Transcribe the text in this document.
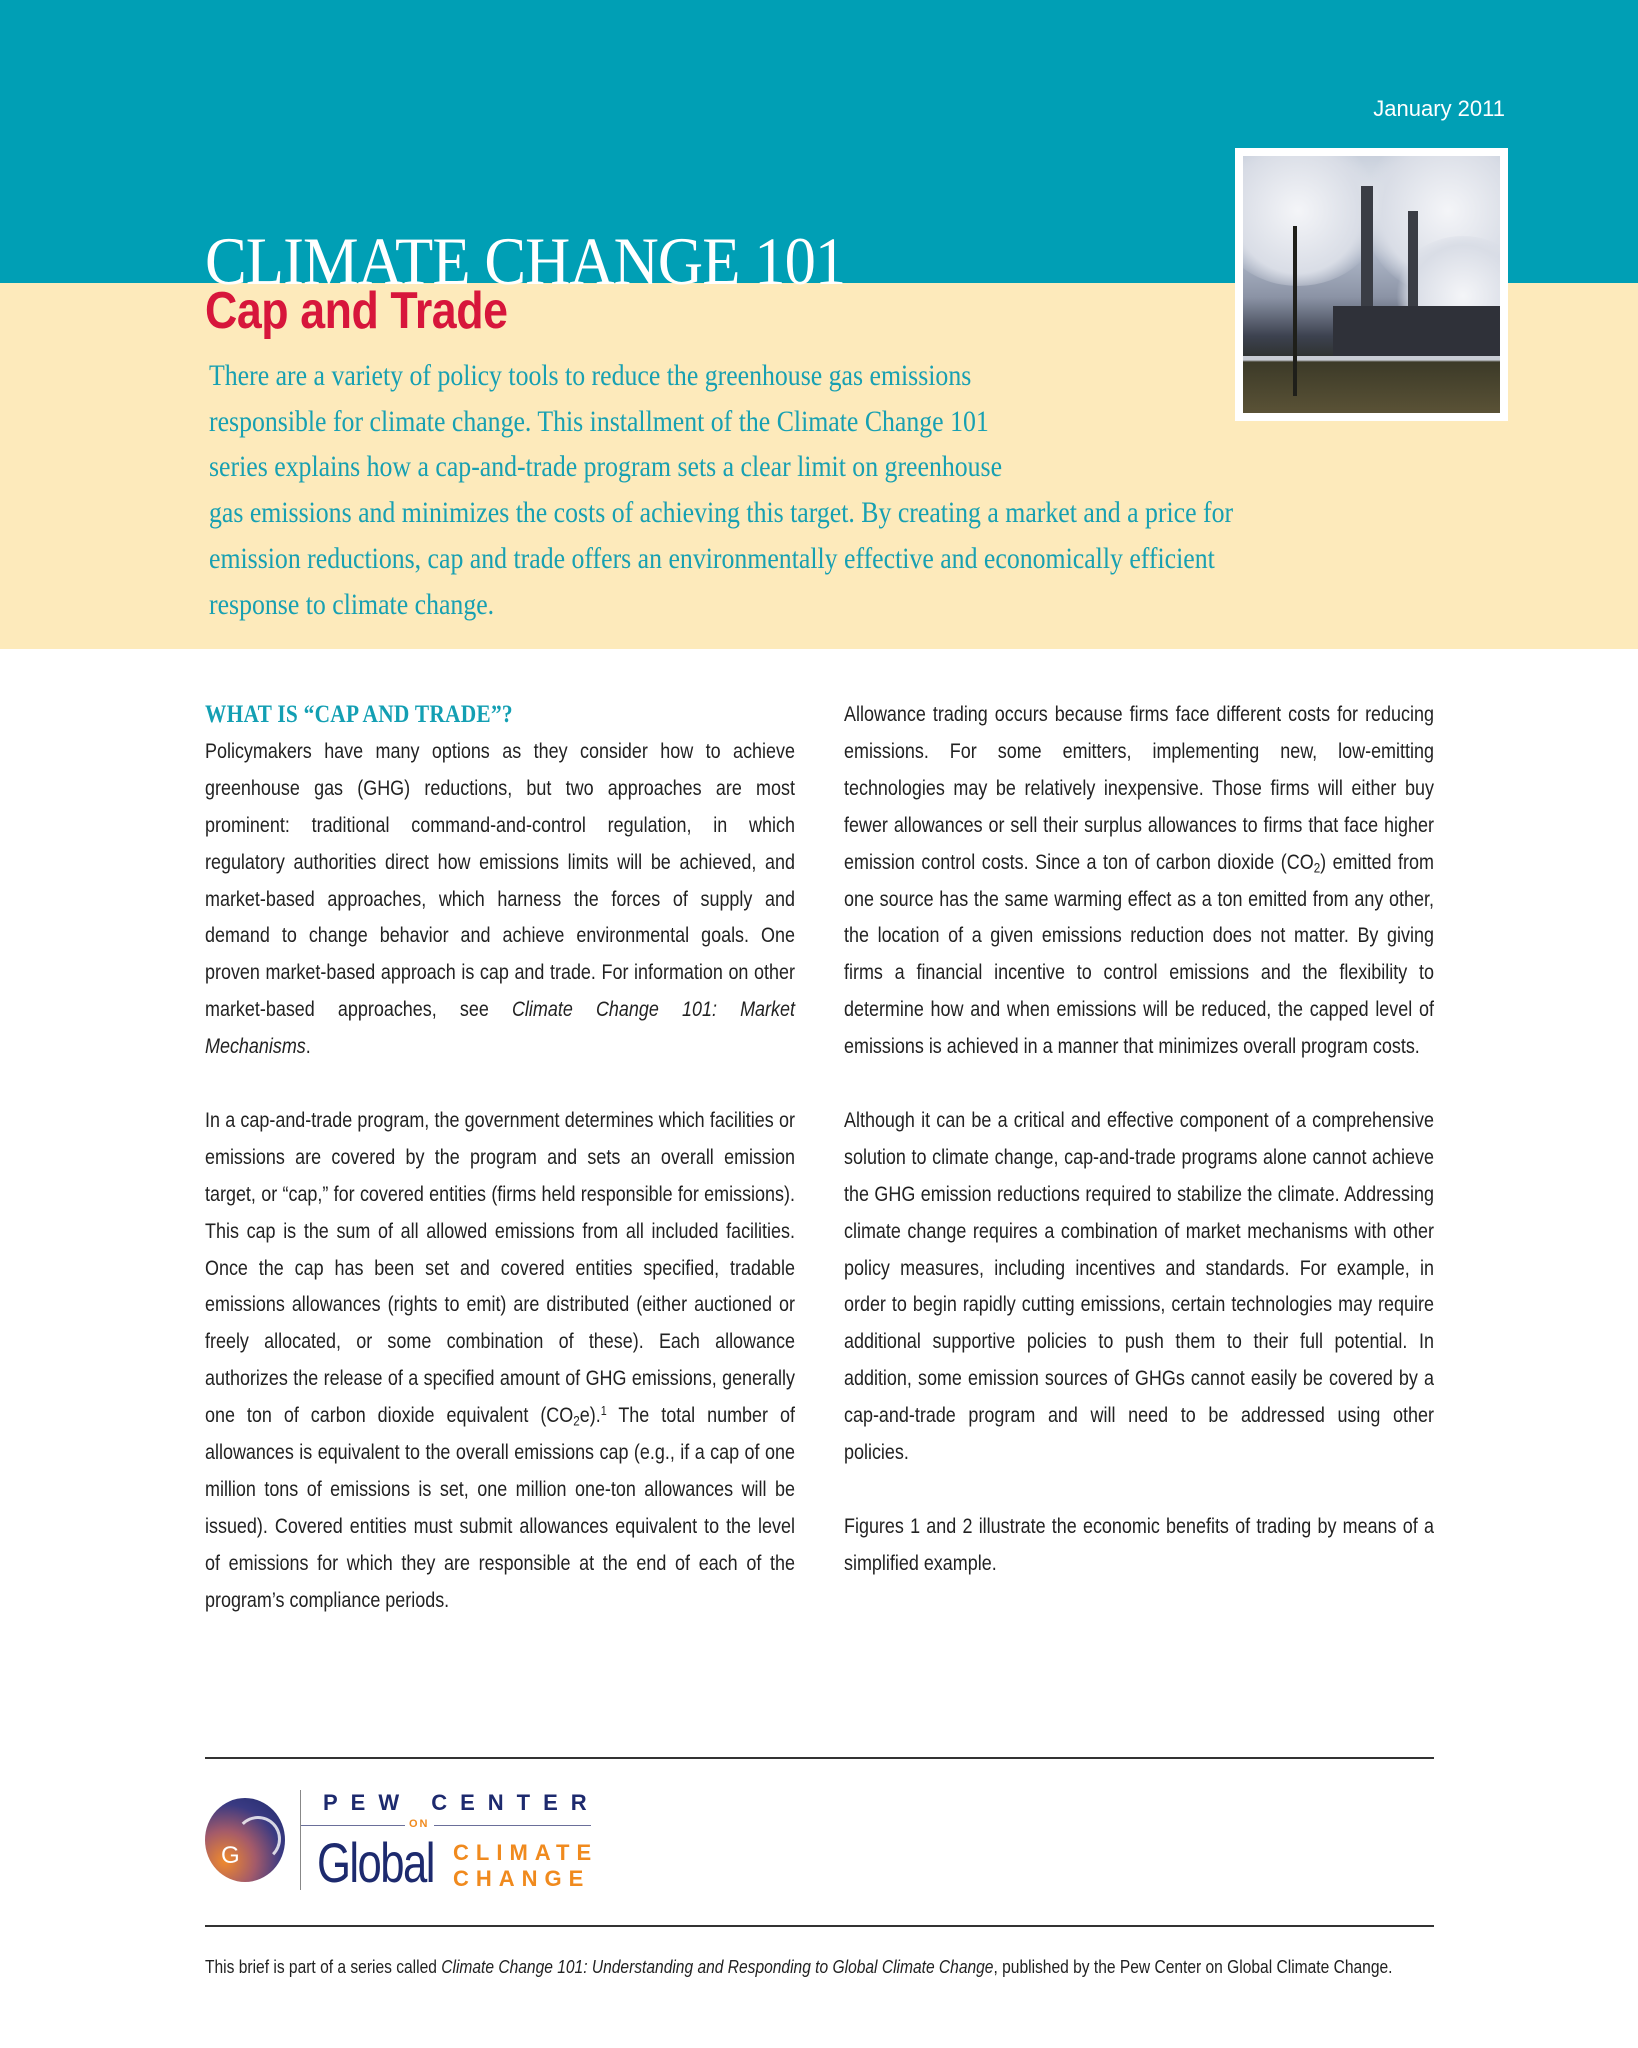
January 2011
CLIMATE CHANGE 101
Cap and Trade
There are a variety of policy tools to reduce the greenhouse gas emissions
responsible for climate change. This installment of the Climate Change 101
series explains how a cap-and-trade program sets a clear limit on greenhouse
gas emissions and minimizes the costs of achieving this target. By creating a market and a price for
emission reductions, cap and trade offers an environmentally effective and economically efficient
response to climate change.
WHAT IS “CAP AND TRADE”?

Policymakers have many options as they consider how to achieve greenhouse gas (GHG) reductions, but two approaches are most prominent: traditional command-and-control regulation, in which regulatory authorities direct how emissions limits will be achieved, and market-based approaches, which harness the forces of supply and demand to change behavior and achieve environmental goals. One proven market-based approach is cap and trade. For information on other market-based approaches, see Climate Change 101: Market Mechanisms.

In a cap-and-trade program, the government determines which facilities or emissions are covered by the program and sets an overall emission target, or “cap,” for covered entities (firms held responsible for emissions). This cap is the sum of all allowed emissions from all included facilities. Once the cap has been set and covered entities specified, tradable emissions allowances (rights to emit) are distributed (either auctioned or freely allocated, or some combination of these). Each allowance authorizes the release of a specified amount of GHG emissions, generally one ton of carbon dioxide equivalent $(CO_2e).^1$ The total number of allowances is equivalent to the overall emissions cap (e.g., if a cap of one million tons of emissions is set, one million one-ton allowances will be issued). Covered entities must submit allowances equivalent to the level of emissions for which they are responsible at the end of each of the program’s compliance periods.

Allowance trading occurs because firms face different costs for reducing emissions. For some emitters, implementing new, low-emitting technologies may be relatively inexpensive. Those firms will either buy fewer allowances or sell their surplus allowances to firms that face higher emission control costs. Since a ton of carbon dioxide $(CO_2)$ emitted from one source has the same warming effect as a ton emitted from any other, the location of a given emissions reduction does not matter. By giving firms a financial incentive to control emissions and the flexibility to determine how and when emissions will be reduced, the capped level of emissions is achieved in a manner that minimizes overall program costs.

Although it can be a critical and effective component of a comprehensive solution to climate change, cap-and-trade programs alone cannot achieve the GHG emission reductions required to stabilize the climate. Addressing climate change requires a combination of market mechanisms with other policy measures, including incentives and standards. For example, in order to begin rapidly cutting emissions, certain technologies may require additional supportive policies to push them to their full potential. In addition, some emission sources of GHGs cannot easily be covered by a cap-and-trade program and will need to be addressed using other policies.

Figures 1 and 2 illustrate the economic benefits of trading by means of a simplified example.

G
PEW CENTER
ON
Global CLIMATE
CHANGE
This brief is part of a series called Climate Change 101: Understanding and Responding to Global Climate Change, published by the Pew Center on Global Climate Change.
